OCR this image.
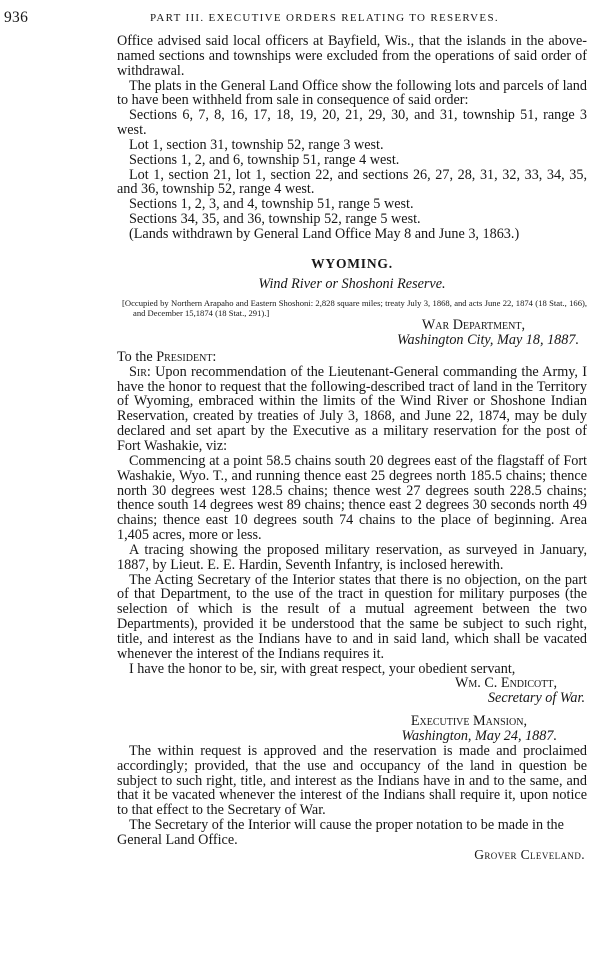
936	PART III. EXECUTIVE ORDERS RELATING TO RESERVES.

Office advised said local officers at Bayfield, Wis., that the islands in the above-named sections and townships were excluded from the operations of said order of withdrawal.

The plats in the General Land Office show the following lots and parcels of land to have been withheld from sale in consequence of said order:

Sections 6, 7, 8, 16, 17, 18, 19, 20, 21, 29, 30, and 31, township 51, range 3 west.

Lot 1, section 31, township 52, range 3 west.

Sections 1, 2, and 6, township 51, range 4 west.

Lot 1, section 21, lot 1, section 22, and sections 26, 27, 28, 31, 32, 33, 34, 35, and 36, township 52, range 4 west.

Sections 1, 2, 3, and 4, township 51, range 5 west.

Sections 34, 35, and 36, township 52, range 5 west.

(Lands withdrawn by General Land Office May 8 and June 3, 1863.)

WYOMING.
Wind River or Shoshoni Reserve.
[Occupied by Northern Arapaho and Eastern Shoshoni: 2,828 square miles; treaty July 3, 1868, and acts June 22, 1874 (18 Stat., 166), and December 15,1874 (18 Stat., 291).]

War Department,

Washington City, May 18, 1887.

To the President:

Sir: Upon recommendation of the Lieutenant-General commanding the Army, I have the honor to request that the following-described tract of land in the Territory of Wyoming, embraced within the limits of the Wind River or Shoshone Indian Reservation, created by treaties of July 3, 1868, and June 22, 1874, may be duly declared and set apart by the Executive as a military reservation for the post of Fort Washakie, viz:

Commencing at a point 58.5 chains south 20 degrees east of the flagstaff of Fort Washakie, Wyo. T., and running thence east 25 degrees north 185.5 chains; thence north 30 degrees west 128.5 chains; thence west 27 degrees south 228.5 chains; thence south 14 degrees west 89 chains; thence east 2 degrees 30 seconds north 49 chains; thence east 10 degrees south 74 chains to the place of beginning. Area 1,405 acres, more or less.

A tracing showing the proposed military reservation, as surveyed in January, 1887, by Lieut. E. E. Hardin, Seventh Infantry, is inclosed herewith.

The Acting Secretary of the Interior states that there is no objection, on the part of that Department, to the use of the tract in question for military purposes (the selection of which is the result of a mutual agreement between the two Departments), provided it be understood that the same be subject to such right, title, and interest as the Indians have to and in said land, which shall be vacated whenever the interest of the Indians requires it.

I have the honor to be, sir, with great respect, your obedient servant,

Wm. C. Endicott,

Secretary of War.

Executive Mansion,

Washington, May 24, 1887.

The within request is approved and the reservation is made and proclaimed accordingly; provided, that the use and occupancy of the land in question be subject to such right, title, and interest as the Indians have in and to the same, and that it be vacated whenever the interest of the Indians shall require it, upon notice to that effect to the Secretary of War.

The Secretary of the Interior will cause the proper notation to be made in the General Land Office.

Grover Cleveland.
